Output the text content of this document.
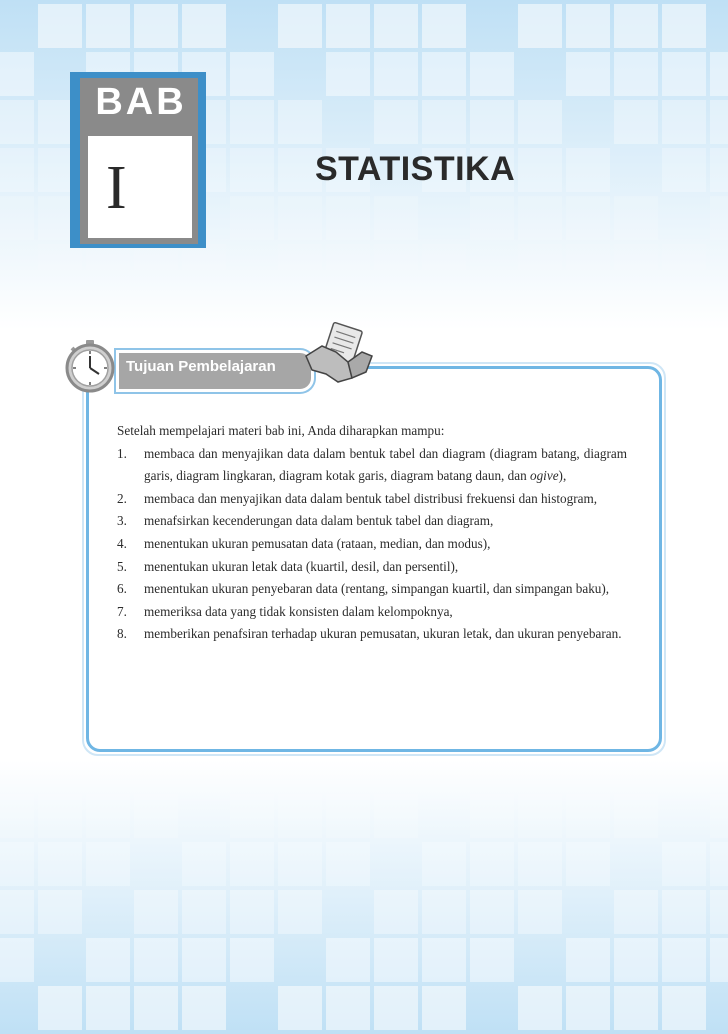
BAB
I	STATISTIKA
Tujuan Pembelajaran

Setelah mempelajari materi bab ini, Anda diharapkan mampu:

1.	membaca dan menyajikan data dalam bentuk tabel dan diagram (diagram batang, diagram garis, diagram lingkaran, diagram kotak garis, diagram batang daun, dan ogive),
2.	membaca dan menyajikan data dalam bentuk tabel distribusi frekuensi dan histogram,
3.	menafsirkan kecenderungan data dalam bentuk tabel dan diagram,
4.	menentukan ukuran pemusatan data (rataan, median, dan modus),
5.	menentukan ukuran letak data (kuartil, desil, dan persentil),
6.	menentukan ukuran penyebaran data (rentang, simpangan kuartil, dan simpangan baku),
7.	memeriksa data yang tidak konsisten dalam kelompoknya,
8.	memberikan penafsiran terhadap ukuran pemusatan, ukuran letak, dan ukuran penyebaran.
